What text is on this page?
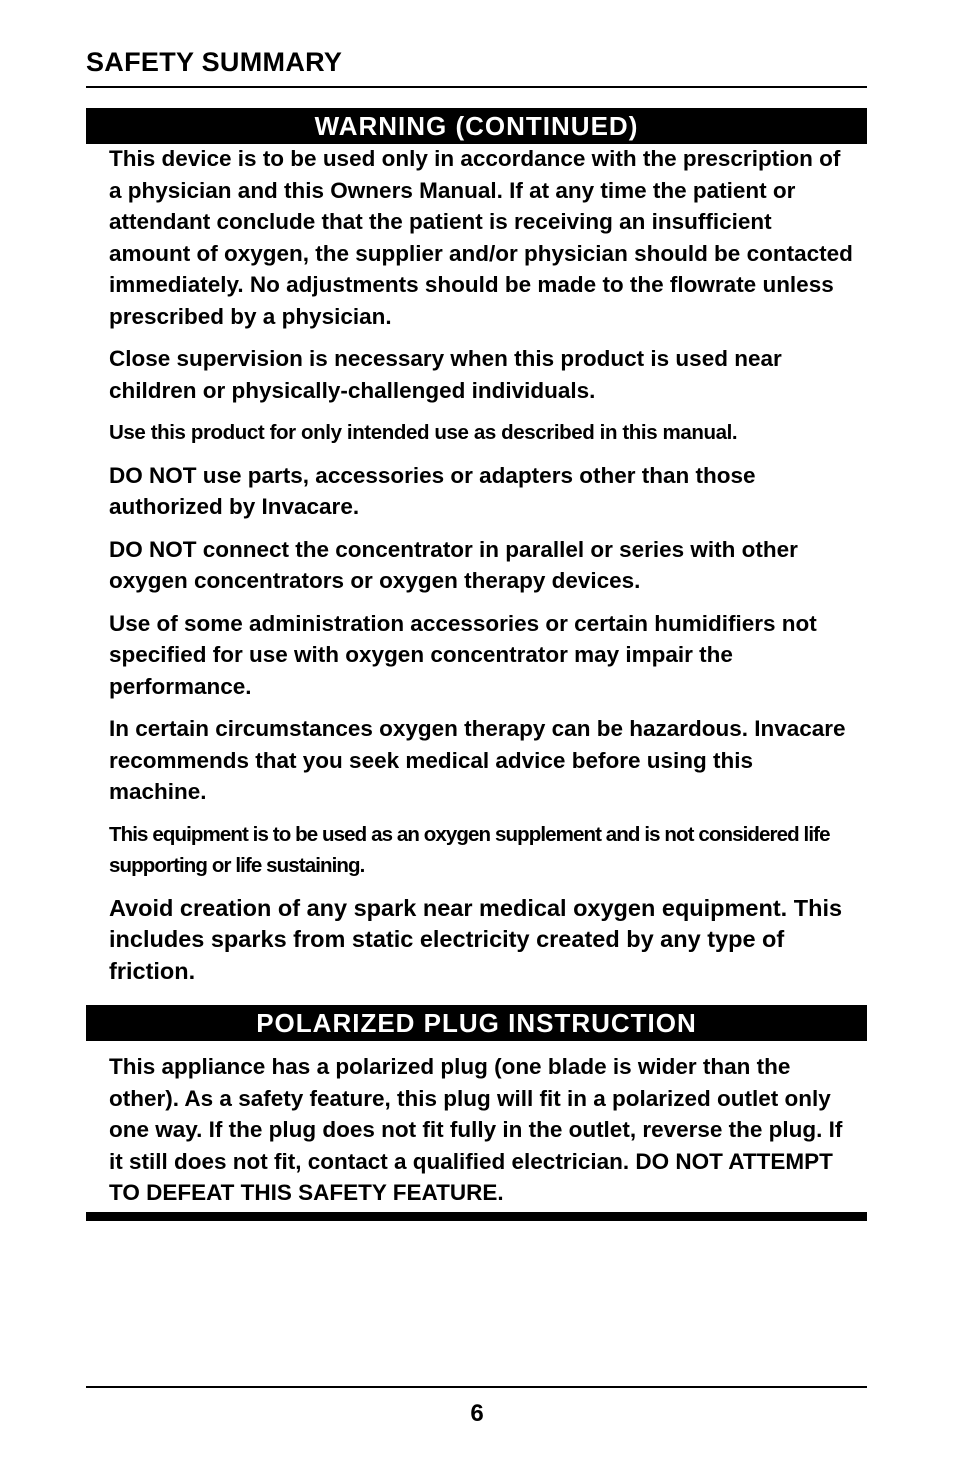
SAFETY SUMMARY
WARNING (CONTINUED)

This device is to be used only in accordance with the prescription of a physician and this Owners Manual. If at any time the patient or attendant conclude that the patient is receiving an insufficient amount of oxygen, the supplier and/or physician should be contacted immediately. No adjustments should be made to the flowrate unless prescribed by a physician.

Close supervision is necessary when this product is used near children or physically-challenged individuals.

Use this product for only intended use as described in this manual.

DO NOT use parts, accessories or adapters other than those authorized by Invacare.

DO NOT connect the concentrator in parallel or series with other oxygen concentrators or oxygen therapy devices.

Use of some administration accessories or certain humidifiers not specified for use with oxygen concentrator may impair the performance.

In certain circumstances oxygen therapy can be hazardous. Invacare recommends that you seek medical advice before using this machine.

This equipment is to be used as an oxygen supplement and is not considered life supporting or life sustaining.

Avoid creation of any spark near medical oxygen equipment. This includes sparks from static electricity created by any type of friction.

POLARIZED PLUG INSTRUCTION

This appliance has a polarized plug (one blade is wider than the other). As a safety feature, this plug will fit in a polarized outlet only one way. If the plug does not fit fully in the outlet, reverse the plug. If it still does not fit, contact a qualified electrician. DO NOT ATTEMPT TO DEFEAT THIS SAFETY FEATURE.

6
